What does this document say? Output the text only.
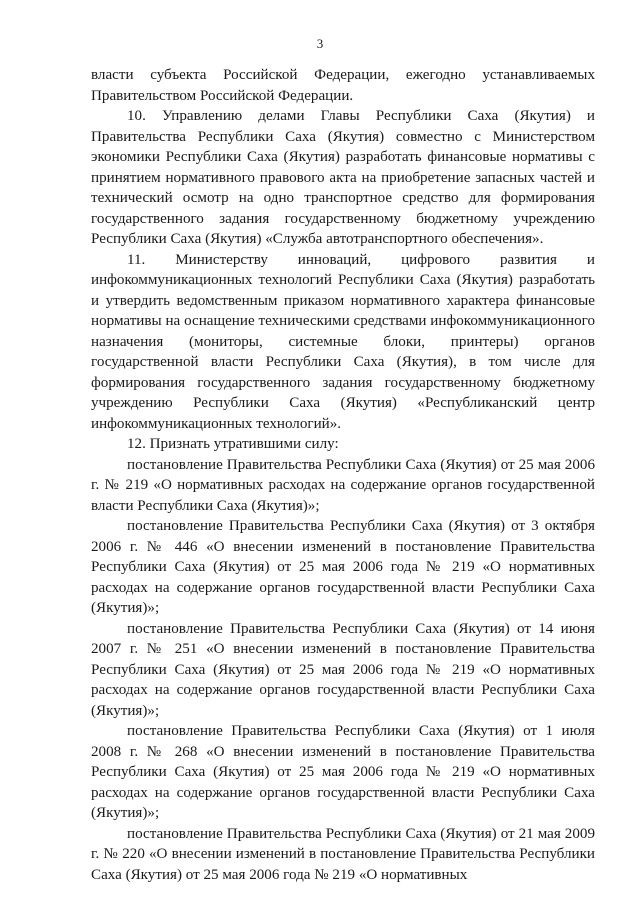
3

власти субъекта Российской Федерации, ежегодно устанавливаемых Правительством Российской Федерации.

10. Управлению делами Главы Республики Саха (Якутия) и Правительства Республики Саха (Якутия) совместно с Министерством экономики Республики Саха (Якутия) разработать финансовые нормативы с принятием нормативного правового акта на приобретение запасных частей и технический осмотр на одно транспортное средство для формирования государственного задания государственному бюджетному учреждению Республики Саха (Якутия) «Служба автотранспортного обеспечения».

11. Министерству инноваций, цифрового развития и инфокоммуникационных технологий Республики Саха (Якутия) разработать и утвердить ведомственным приказом нормативного характера финансовые нормативы на оснащение техническими средствами инфокоммуникационного назначения (мониторы, системные блоки, принтеры) органов государственной власти Республики Саха (Якутия), в том числе для формирования государственного задания государственному бюджетному учреждению Республики Саха (Якутия) «Республиканский центр инфокоммуникационных технологий».

12. Признать утратившими силу:

постановление Правительства Республики Саха (Якутия) от 25 мая 2006 г. № 219 «О нормативных расходах на содержание органов государственной власти Республики Саха (Якутия)»;

постановление Правительства Республики Саха (Якутия) от 3 октября 2006 г. № 446 «О внесении изменений в постановление Правительства Республики Саха (Якутия) от 25 мая 2006 года № 219 «О нормативных расходах на содержание органов государственной власти Республики Саха (Якутия)»;

постановление Правительства Республики Саха (Якутия) от 14 июня 2007 г. № 251 «О внесении изменений в постановление Правительства Республики Саха (Якутия) от 25 мая 2006 года № 219 «О нормативных расходах на содержание органов государственной власти Республики Саха (Якутия)»;

постановление Правительства Республики Саха (Якутия) от 1 июля 2008 г. № 268 «О внесении изменений в постановление Правительства Республики Саха (Якутия) от 25 мая 2006 года № 219 «О нормативных расходах на содержание органов государственной власти Республики Саха (Якутия)»;

постановление Правительства Республики Саха (Якутия) от 21 мая 2009 г. № 220 «О внесении изменений в постановление Правительства Республики Саха (Якутия) от 25 мая 2006 года № 219 «О нормативных
